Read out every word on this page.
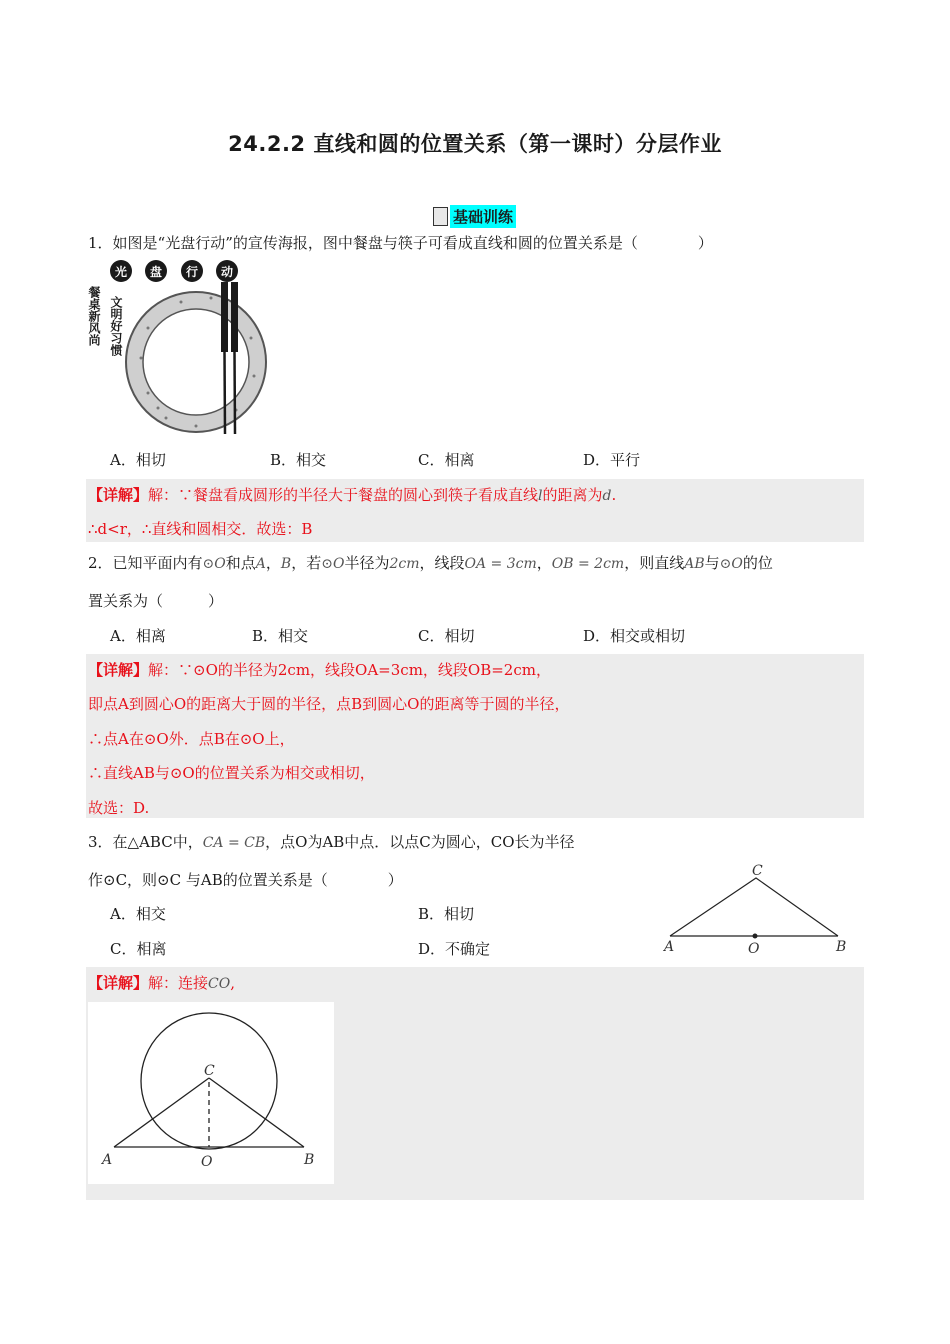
24.2.2 直线和圆的位置关系（第一课时）分层作业
基础训练
1．如图是“光盘行动”的宣传海报，图中餐盘与筷子可看成直线和圆的位置关系是（　　　　）
光 盘 行 动
餐桌新风尚 文明好习惯
A．相切	B．相交	C．相离	D．平行
【详解】解：∵餐盘看成圆形的半径大于餐盘的圆心到筷子看成直线l的距离为d.
∴d<r，∴直线和圆相交．故选：B
2．已知平面内有⊙O和点A，B，若⊙O半径为2cm，线段OA = 3cm，OB = 2cm，则直线AB与⊙O的位
置关系为（　　　）
A．相离	B．相交	C．相切	D．相交或相切
【详解】解：∵⊙O的半径为2cm，线段OA=3cm，线段OB=2cm，
即点A到圆心O的距离大于圆的半径，点B到圆心O的距离等于圆的半径，
∴点A在⊙O外．点B在⊙O上，
∴直线AB与⊙O的位置关系为相交或相切，
故选：D.
3．在△ABC中，CA = CB，点O为AB中点．以点C为圆心，CO长为半径
作⊙C，则⊙C 与AB的位置关系是（　　　　）
A．相交	B．相切
C．相离	D．不确定
C
A	O	B
【详解】解：连接CO,
C
A	O	B
